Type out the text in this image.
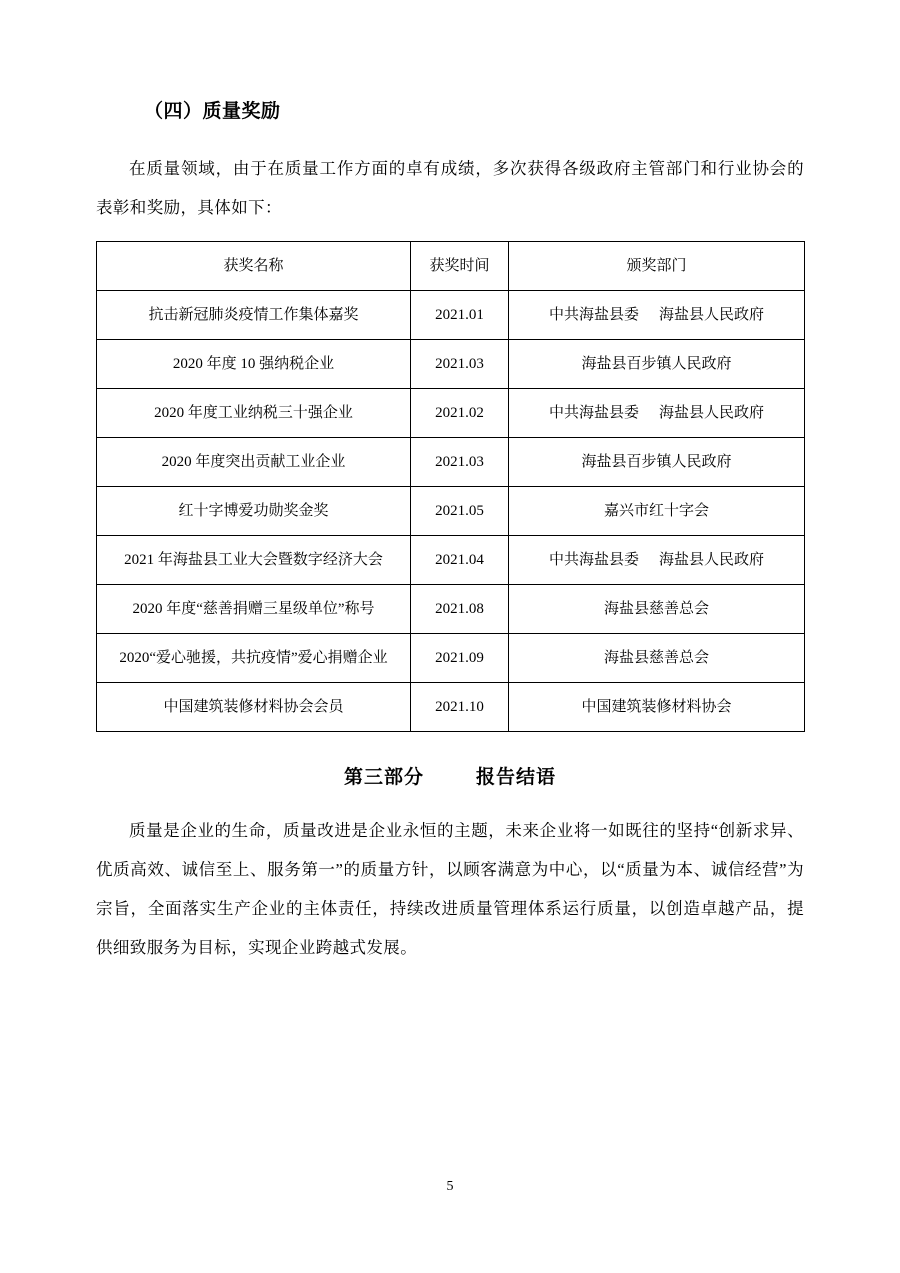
（四）质量奖励

在质量领域，由于在质量工作方面的卓有成绩，多次获得各级政府主管部门和行业协会的表彰和奖励，具体如下：

获奖名称	获奖时间	颁奖部门
抗击新冠肺炎疫情工作集体嘉奖	2021.01	中共海盐县委 海盐县人民政府
2020 年度 10 强纳税企业	2021.03	海盐县百步镇人民政府
2020 年度工业纳税三十强企业	2021.02	中共海盐县委 海盐县人民政府
2020 年度突出贡献工业企业	2021.03	海盐县百步镇人民政府
红十字博爱功勋奖金奖	2021.05	嘉兴市红十字会
2021 年海盐县工业大会暨数字经济大会	2021.04	中共海盐县委 海盐县人民政府
2020 年度“慈善捐赠三星级单位”称号	2021.08	海盐县慈善总会
2020“爱心驰援，共抗疫情”爱心捐赠企业	2021.09	海盐县慈善总会
中国建筑装修材料协会会员	2021.10	中国建筑装修材料协会
第三部分	报告结语

质量是企业的生命，质量改进是企业永恒的主题，未来企业将一如既往的坚持“创新求异、优质高效、诚信至上、服务第一”的质量方针，以顾客满意为中心，以“质量为本、诚信经营”为宗旨，全面落实生产企业的主体责任，持续改进质量管理体系运行质量，以创造卓越产品，提供细致服务为目标，实现企业跨越式发展。

5
